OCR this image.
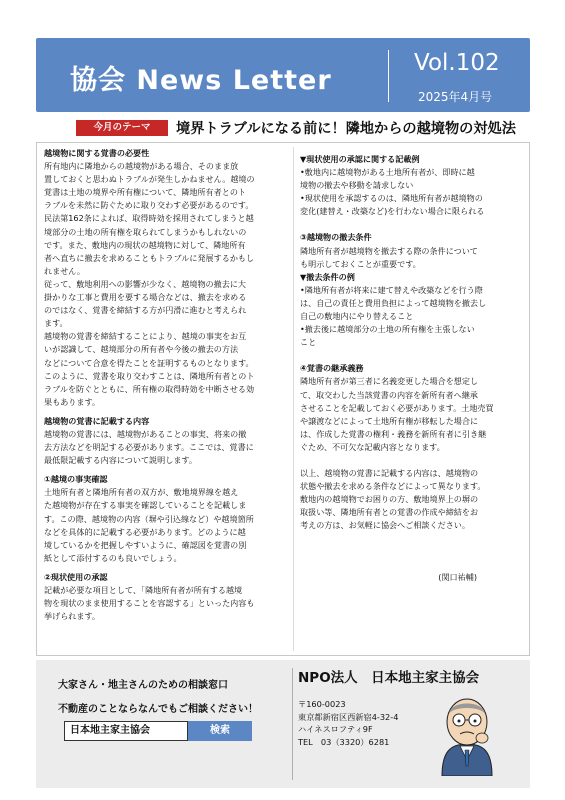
協会 News Letter
Vol.102
2025年4月号
今月のテーマ	境界トラブルになる前に！隣地からの越境物の対処法
越境物に関する覚書の必要性
所有地内に隣地からの越境物がある場合、そのまま放
置しておくと思わぬトラブルが発生しかねません。越境の
覚書は土地の境界や所有権について、隣地所有者とのト
ラブルを未然に防ぐために取り交わす必要があるのです。
民法第162条によれば、取得時効を採用されてしまうと越
境部分の土地の所有権を取られてしまうかもしれないの
です。また、敷地内の現状の越境物に対して、隣地所有
者へ直ちに撤去を求めることもトラブルに発展するかもし
れません。
従って、敷地利用への影響が少なく、越境物の撤去に大
掛かりな工事と費用を要する場合などは、撤去を求める
のではなく、覚書を締結する方が円滑に進むと考えられ
ます。
越境物の覚書を締結することにより、越境の事実をお互
いが認識して、越境部分の所有者や今後の撤去の方法
などについて合意を得たことを証明するものとなります。
このように、覚書を取り交わすことは、隣地所有者とのト
ラブルを防ぐとともに、所有権の取得時効を中断させる効
果もあります。
越境物の覚書に記載する内容
越境物の覚書には、越境物があることの事実、将来の撤
去方法などを明記する必要があります。ここでは、覚書に
最低限記載する内容について説明します。
①越境の事実確認
土地所有者と隣地所有者の双方が、敷地境界線を越え
た越境物が存在する事実を確認していることを記載しま
す。この際、越境物の内容（塀や引込線など）や越境箇所
などを具体的に記載する必要があります。どのように越
境しているかを把握しやすいように、確認図を覚書の別
紙として添付するのも良いでしょう。
②現状使用の承認
記載が必要な項目として、「隣地所有者が所有する越境
物を現状のまま使用することを容認する」といった内容も
挙げられます。
▼現状使用の承認に関する記載例
•敷地内に越境物がある土地所有者が、即時に越
境物の撤去や移動を請求しない
•現状使用を承認するのは、隣地所有者が越境物の
変化(建替え・改築など)を行わない場合に限られる
③越境物の撤去条件
隣地所有者が越境物を撤去する際の条件について
も明示しておくことが重要です。
▼撤去条件の例
•隣地所有者が将来に建て替えや改築などを行う際
は、自己の責任と費用負担によって越境物を撤去し
自己の敷地内にやり替えること
•撤去後に越境部分の土地の所有権を主張しない
こと
④覚書の継承義務
隣地所有者が第三者に名義変更した場合を想定し
て、取交わした当該覚書の内容を新所有者へ継承
させることを記載しておく必要があります。土地売買
や譲渡などによって土地所有権が移転した場合に
は、作成した覚書の権利・義務を新所有者に引き継
ぐため、不可欠な記載内容となります。
以上、越境物の覚書に記載する内容は、越境物の
状態や撤去を求める条件などによって異なります。
敷地内の越境物でお困りの方、敷地境界上の塀の
取扱い等、隣地所有者との覚書の作成や締結をお
考えの方は、お気軽に協会へご相談ください。
(関口祐輔)
大家さん・地主さんのための相談窓口
不動産のことならなんでもご相談ください！
日本地主家主協会	検索
NPO法人　日本地主家主協会
〒160-0023
東京都新宿区西新宿4-32-4
ハイネスロフティ9F
TEL　03（3320）6281
